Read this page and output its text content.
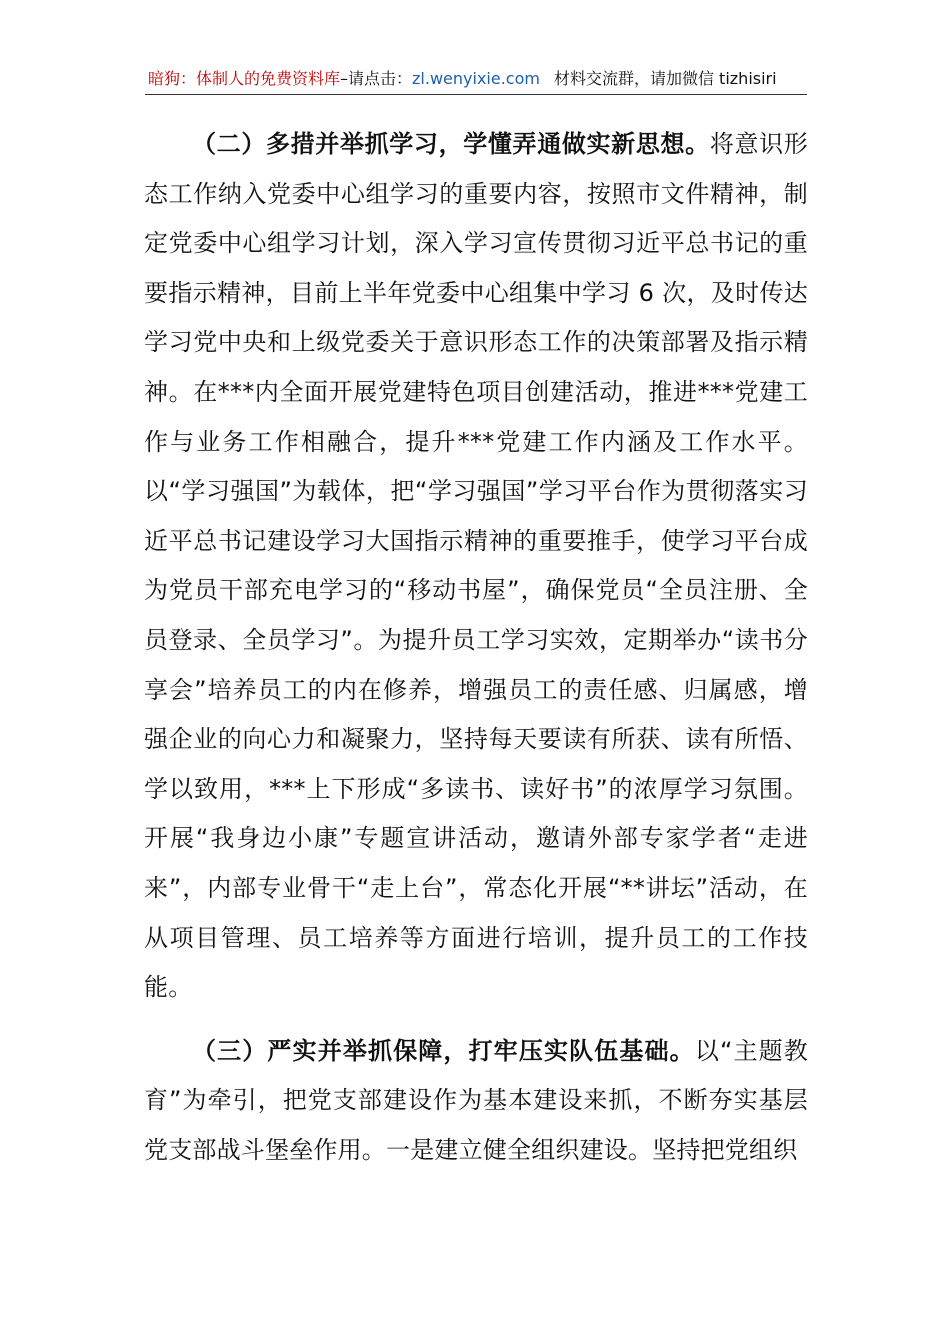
暗狗：体制人的免费资料库–请点击：zl.wenyixie.com 材料交流群，请加微信 tizhisiri

（二）多措并举抓学习，学懂弄通做实新思想。将意识形态工作纳入党委中心组学习的重要内容，按照市文件精神，制定党委中心组学习计划，深入学习宣传贯彻习近平总书记的重要指示精神，目前上半年党委中心组集中学习 6 次，及时传达学习党中央和上级党委关于意识形态工作的决策部署及指示精神。在***内全面开展党建特色项目创建活动，推进***党建工作与业务工作相融合，提升***党建工作内涵及工作水平。以“学习强国”为载体，把“学习强国”学习平台作为贯彻落实习近平总书记建设学习大国指示精神的重要推手，使学习平台成为党员干部充电学习的“移动书屋”，确保党员“全员注册、全员登录、全员学习”。为提升员工学习实效，定期举办“读书分享会”培养员工的内在修养，增强员工的责任感、归属感，增强企业的向心力和凝聚力，坚持每天要读有所获、读有所悟、学以致用，***上下形成“多读书、读好书”的浓厚学习氛围。开展“我身边小康”专题宣讲活动，邀请外部专家学者“走进来”，内部专业骨干“走上台”，常态化开展“**讲坛”活动，在从项目管理、员工培养等方面进行培训，提升员工的工作技能。

（三）严实并举抓保障，打牢压实队伍基础。以“主题教育”为牵引，把党支部建设作为基本建设来抓，不断夯实基层党支部战斗堡垒作用。一是建立健全组织建设。坚持把党组织
